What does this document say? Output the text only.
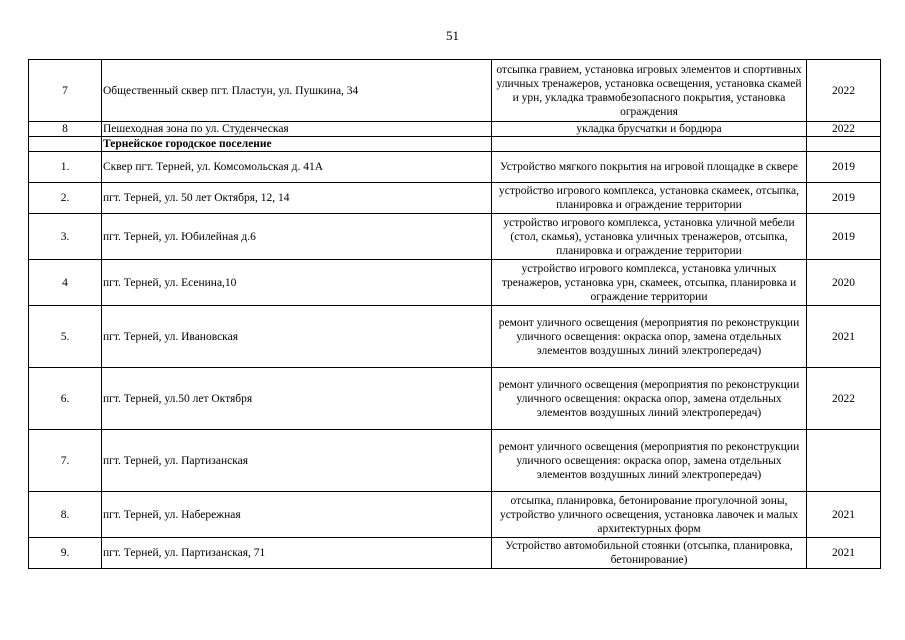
51
7	Общественный сквер пгт. Пластун, ул. Пушкина, 34	отсыпка гравием, установка игровых элементов и спортивных уличных тренажеров, установка освещения, установка скамей и урн, укладка травмобезопасного покрытия, установка ограждения	2022
8	Пешеходная зона по ул. Студенческая	укладка брусчатки и бордюра	2022
	Тернейское городское поселение		
1.	Сквер пгт. Терней, ул. Комсомольская д. 41А	Устройство мягкого покрытия на игровой площадке в сквере	2019
2.	пгт. Терней, ул. 50 лет Октября, 12, 14	устройство игрового комплекса, установка скамеек, отсыпка, планировка и ограждение территории	2019
3.	пгт. Терней, ул. Юбилейная д.6	устройство игрового комплекса, установка уличной мебели (стол, скамья), установка уличных тренажеров, отсыпка, планировка и ограждение территории	2019
4	пгт. Терней, ул. Есенина,10	устройство игрового комплекса, установка уличных тренажеров, установка урн, скамеек, отсыпка, планировка и ограждение территории	2020
5.	пгт. Терней, ул. Ивановская	ремонт уличного освещения (мероприятия по реконструкции уличного освещения: окраска опор, замена отдельных элементов воздушных линий электропередач)	2021
6.	пгт. Терней, ул.50 лет Октября	ремонт уличного освещения (мероприятия по реконструкции уличного освещения: окраска опор, замена отдельных элементов воздушных линий электропередач)	2022
7.	пгт. Терней, ул. Партизанская	ремонт уличного освещения (мероприятия по реконструкции уличного освещения: окраска опор, замена отдельных элементов воздушных линий электропередач)	
8.	пгт. Терней, ул. Набережная	отсыпка, планировка, бетонирование прогулочной зоны, устройство уличного освещения, установка лавочек и малых архитектурных форм	2021
9.	пгт. Терней, ул. Партизанская, 71	Устройство автомобильной стоянки (отсыпка, планировка, бетонирование)	2021
